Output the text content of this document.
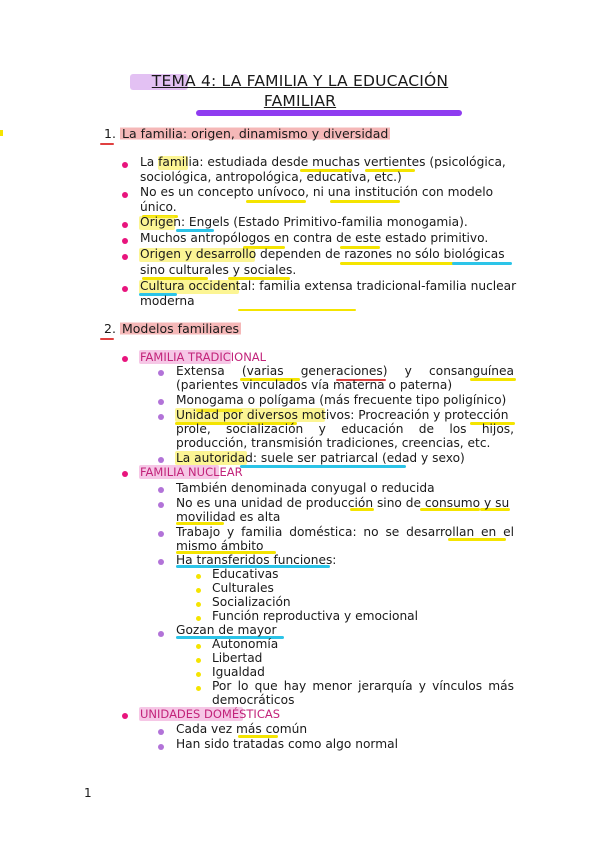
TEMA 4: LA FAMILIA Y LA EDUCACIÓN
FAMILIAR
1. La familia: origen, dinamismo y diversidad
La familia: estudiada desde muchas vertientes (psicológica,
sociológica, antropológica, educativa, etc.)
No es un concepto unívoco, ni una institución con modelo
único.
Origen: Engels (Estado Primitivo-familia monogamia).
Muchos antropólogos en contra de este estado primitivo.
Origen y desarrollo dependen de razones no sólo biológicas
sino culturales y sociales.
Cultura occidental: familia extensa tradicional-familia nuclear
moderna
2. Modelos familiares
FAMILIA TRADICIONAL
Extensa (varias generaciones) y consanguínea
(parientes vinculados vía materna o paterna)
Monogama o polígama (más frecuente tipo poligínico)
Unidad por diversos motivos: Procreación y protección
prole, socialización y educación de los hijos,
producción, transmisión tradiciones, creencias, etc.
La autoridad: suele ser patriarcal (edad y sexo)
FAMILIA NUCLEAR
También denominada conyugal o reducida
No es una unidad de producción sino de consumo y su
movilidad es alta
Trabajo y familia doméstica: no se desarrollan en el
mismo ámbito
Ha transferidos funciones:
Educativas
Culturales
Socialización
Función reproductiva y emocional
Gozan de mayor
Autonomía
Libertad
Igualdad
Por lo que hay menor jerarquía y vínculos más
democráticos
UNIDADES DOMÉSTICAS
Cada vez más común
Han sido tratadas como algo normal
1
